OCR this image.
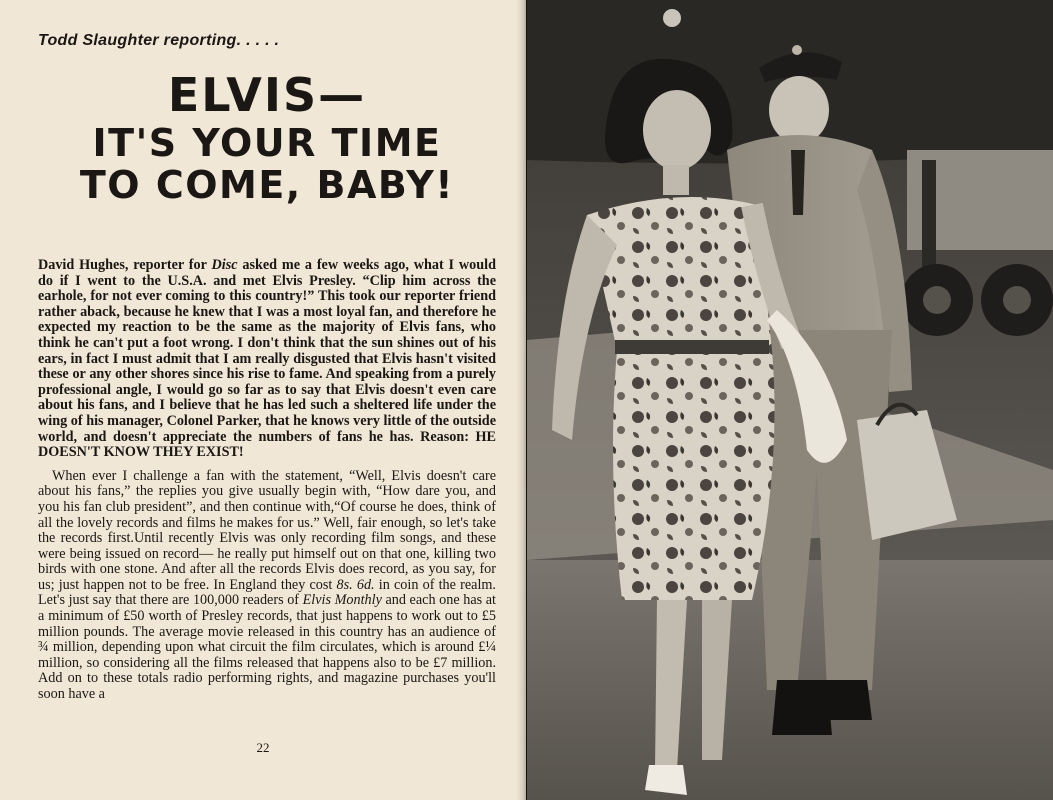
Todd Slaughter reporting. . . . .
ELVIS—
IT'S YOUR TIME
TO COME, BABY!

David Hughes, reporter for Disc asked me a few weeks ago, what I would do if I went to the U.S.A. and met Elvis Presley. “Clip him across the earhole, for not ever coming to this country!” This took our reporter friend rather aback, because he knew that I was a most loyal fan, and therefore he expected my reaction to be the same as the majority of Elvis fans, who think he can't put a foot wrong. I don't think that the sun shines out of his ears, in fact I must admit that I am really disgusted that Elvis hasn't visited these or any other shores since his rise to fame. And speaking from a purely professional angle, I would go so far as to say that Elvis doesn't even care about his fans, and I believe that he has led such a sheltered life under the wing of his manager, Colonel Parker, that he knows very little of the outside world, and doesn't appreciate the numbers of fans he has. Reason: HE DOESN'T KNOW THEY EXIST!

When ever I challenge a fan with the statement, “Well, Elvis doesn't care about his fans,” the replies you give usually begin with, “How dare you, and you his fan club president”, and then continue with,“Of course he does, think of all the lovely records and films he makes for us.” Well, fair enough, so let's take the records first.Until recently Elvis was only recording film songs, and these were being issued on record— he really put himself out on that one, killing two birds with one stone. And after all the records Elvis does record, as you say, for us; just happen not to be free. In England they cost 8s. 6d. in coin of the realm. Let's just say that there are 100,000 readers of Elvis Monthly and each one has at a minimum of £50 worth of Presley records, that just happens to work out to £5 million pounds. The average movie released in this country has an audience of ¾ million, depending upon what circuit the film circulates, which is around £¼ million, so considering all the films released that happens also to be £7 million. Add on to these totals radio performing rights, and magazine purchases you'll soon have a

22
